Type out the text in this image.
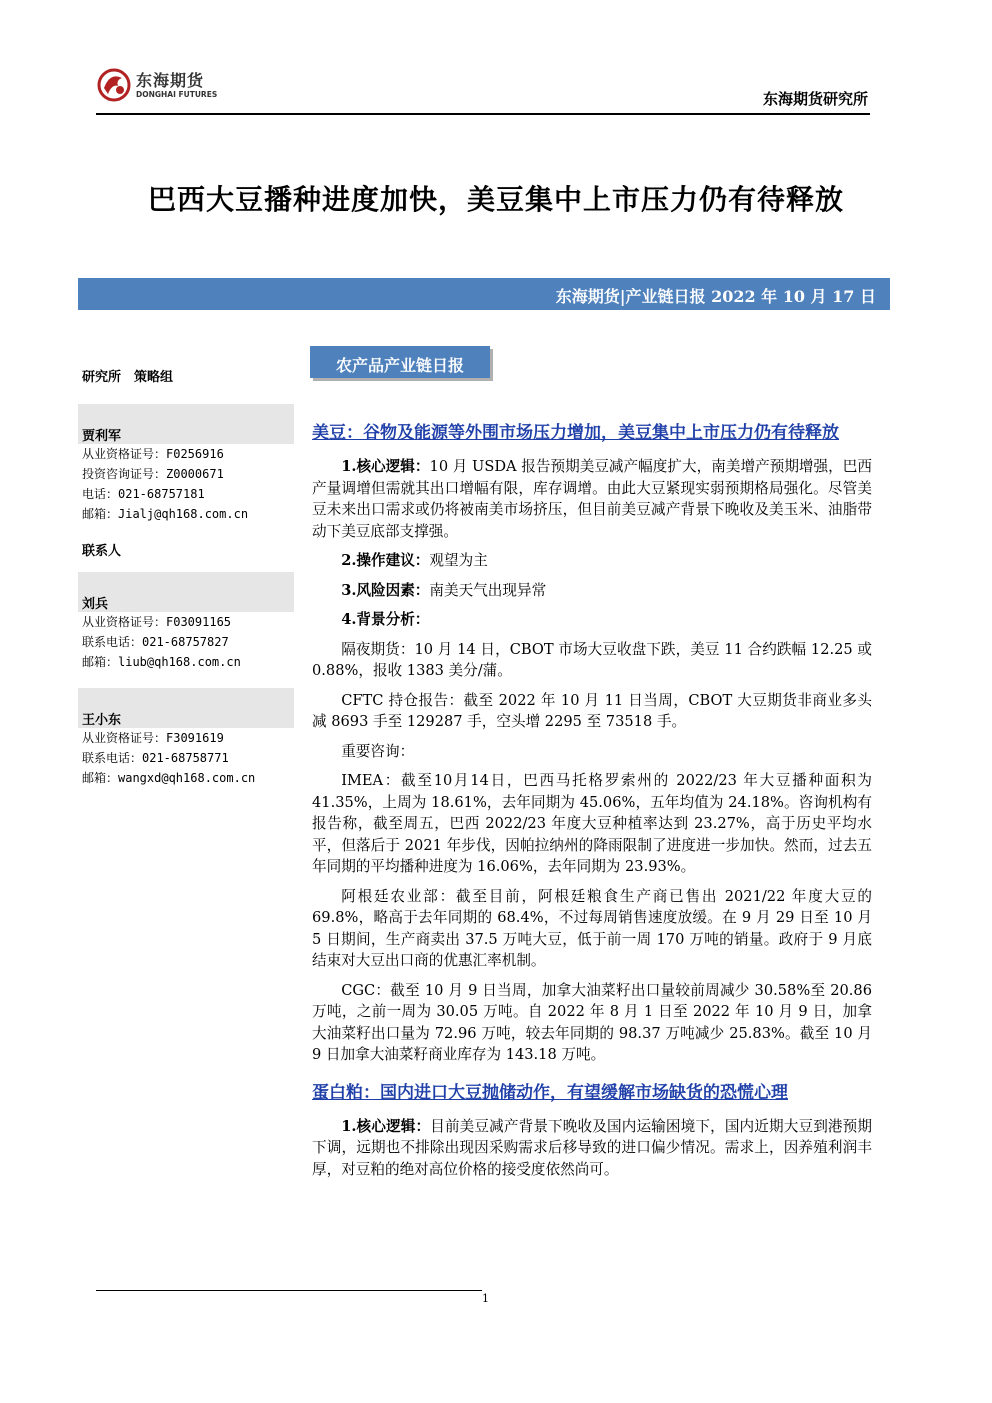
东海期货
DONGHAI FUTURES	东海期货研究所
巴西大豆播种进度加快，美豆集中上市压力仍有待释放
东海期货|产业链日报 2022 年 10 月 17 日
研究所　策略组
贾利军
从业资格证号：F0256916
投资咨询证号：Z0000671
电话：021-68757181
邮箱：Jialj@qh168.com.cn
联系人
刘兵
从业资格证号：F03091165
联系电话：021-68757827
邮箱：liub@qh168.com.cn
王小东
从业资格证号：F3091619
联系电话：021-68758771
邮箱：wangxd@qh168.com.cn
农产品产业链日报
美豆：谷物及能源等外围市场压力增加，美豆集中上市压力仍有待释放

1.核心逻辑：10 月 USDA 报告预期美豆减产幅度扩大，南美增产预期增强，巴西产量调增但需就其出口增幅有限，库存调增。由此大豆紧现实弱预期格局强化。尽管美豆未来出口需求或仍将被南美市场挤压，但目前美豆减产背景下晚收及美玉米、油脂带动下美豆底部支撑强。

2.操作建议：观望为主

3.风险因素：南美天气出现异常

4.背景分析：

隔夜期货：10 月 14 日，CBOT 市场大豆收盘下跌，美豆 11 合约跌幅 12.25 或 0.88%，报收 1383 美分/蒲。

CFTC 持仓报告：截至 2022 年 10 月 11 日当周，CBOT 大豆期货非商业多头减 8693 手至 129287 手，空头增 2295 至 73518 手。

重要咨询：

IMEA：截至10月14日，巴西马托格罗索州的 2022/23 年大豆播种面积为 41.35%，上周为 18.61%，去年同期为 45.06%，五年均值为 24.18%。咨询机构有报告称，截至周五，巴西 2022/23 年度大豆种植率达到 23.27%，高于历史平均水平，但落后于 2021 年步伐，因帕拉纳州的降雨限制了进度进一步加快。然而，过去五年同期的平均播种进度为 16.06%，去年同期为 23.93%。

阿根廷农业部：截至目前，阿根廷粮食生产商已售出 2021/22 年度大豆的 69.8%，略高于去年同期的 68.4%，不过每周销售速度放缓。在 9 月 29 日至 10 月 5 日期间，生产商卖出 37.5 万吨大豆，低于前一周 170 万吨的销量。政府于 9 月底结束对大豆出口商的优惠汇率机制。

CGC：截至 10 月 9 日当周，加拿大油菜籽出口量较前周减少 30.58%至 20.86 万吨，之前一周为 30.05 万吨。自 2022 年 8 月 1 日至 2022 年 10 月 9 日，加拿大油菜籽出口量为 72.96 万吨，较去年同期的 98.37 万吨减少 25.83%。截至 10 月 9 日加拿大油菜籽商业库存为 143.18 万吨。

蛋白粕：国内进口大豆抛储动作，有望缓解市场缺货的恐慌心理

1.核心逻辑：目前美豆减产背景下晚收及国内运输困境下，国内近期大豆到港预期下调，远期也不排除出现因采购需求后移导致的进口偏少情况。需求上，因养殖利润丰厚，对豆粕的绝对高位价格的接受度依然尚可。

1
